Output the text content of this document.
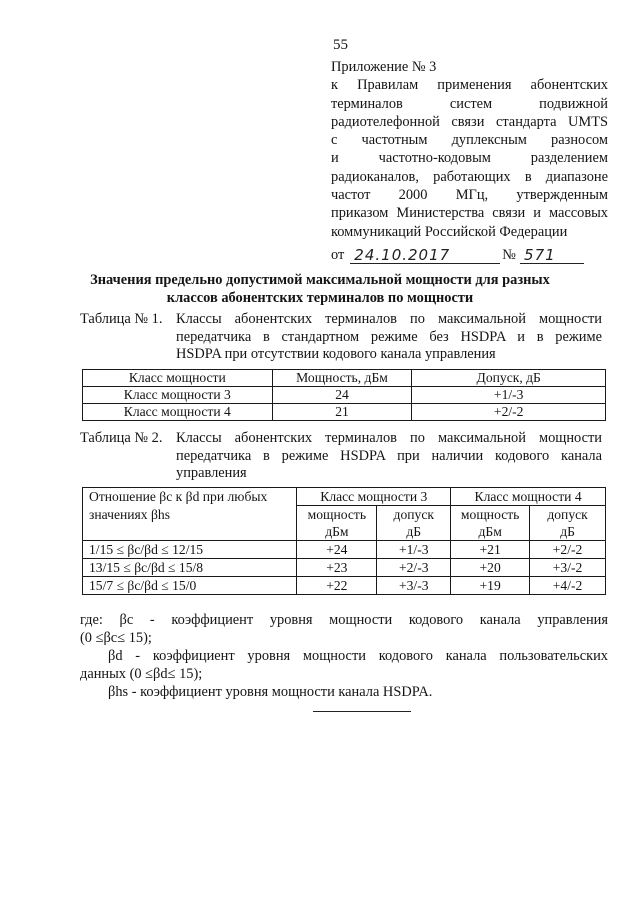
55
Приложение № 3
к Правилам применения абонентских
терминалов систем подвижной
радиотелефонной связи стандарта UMTS
с частотным дуплексным разносом
и частотно-кодовым разделением
радиоканалов, работающих в диапазоне
частот 2000 МГц, утвержденным
приказом Министерства связи и массовых
коммуникаций Российской Федерации
от 24.10.2017	№ 571
Значения предельно допустимой максимальной мощности для разных
классов абонентских терминалов по мощности
Таблица № 1. Классы абонентских терминалов по максимальной мощности
передатчика в стандартном режиме без HSDPA и в режиме
HSDPA при отсутствии кодового канала управления
Класс мощности	Мощность, дБм	Допуск, дБ
Класс мощности 3	24	+1/-3
Класс мощности 4	21	+2/-2
Таблица № 2. Классы абонентских терминалов по максимальной мощности
передатчика в режиме HSDPA при наличии кодового канала
управления
Отношение βc к βd при любых
значениях βhs	Класс мощности 3		Класс мощности 4	
	мощность	допуск	мощность	допуск
	дБм	дБ	дБм	дБ
1/15 ≤ βc/βd ≤ 12/15	+24	+1/-3	+21	+2/-2
13/15 ≤ βc/βd ≤ 15/8	+23	+2/-3	+20	+3/-2
15/7 ≤ βc/βd ≤ 15/0	+22	+3/-3	+19	+4/-2
где: βc - коэффициент уровня мощности кодового канала управления
(0 ≤βc≤ 15);
βd - коэффициент уровня мощности кодового канала пользовательских
данных (0 ≤βd≤ 15);
βhs - коэффициент уровня мощности канала HSDPA.
